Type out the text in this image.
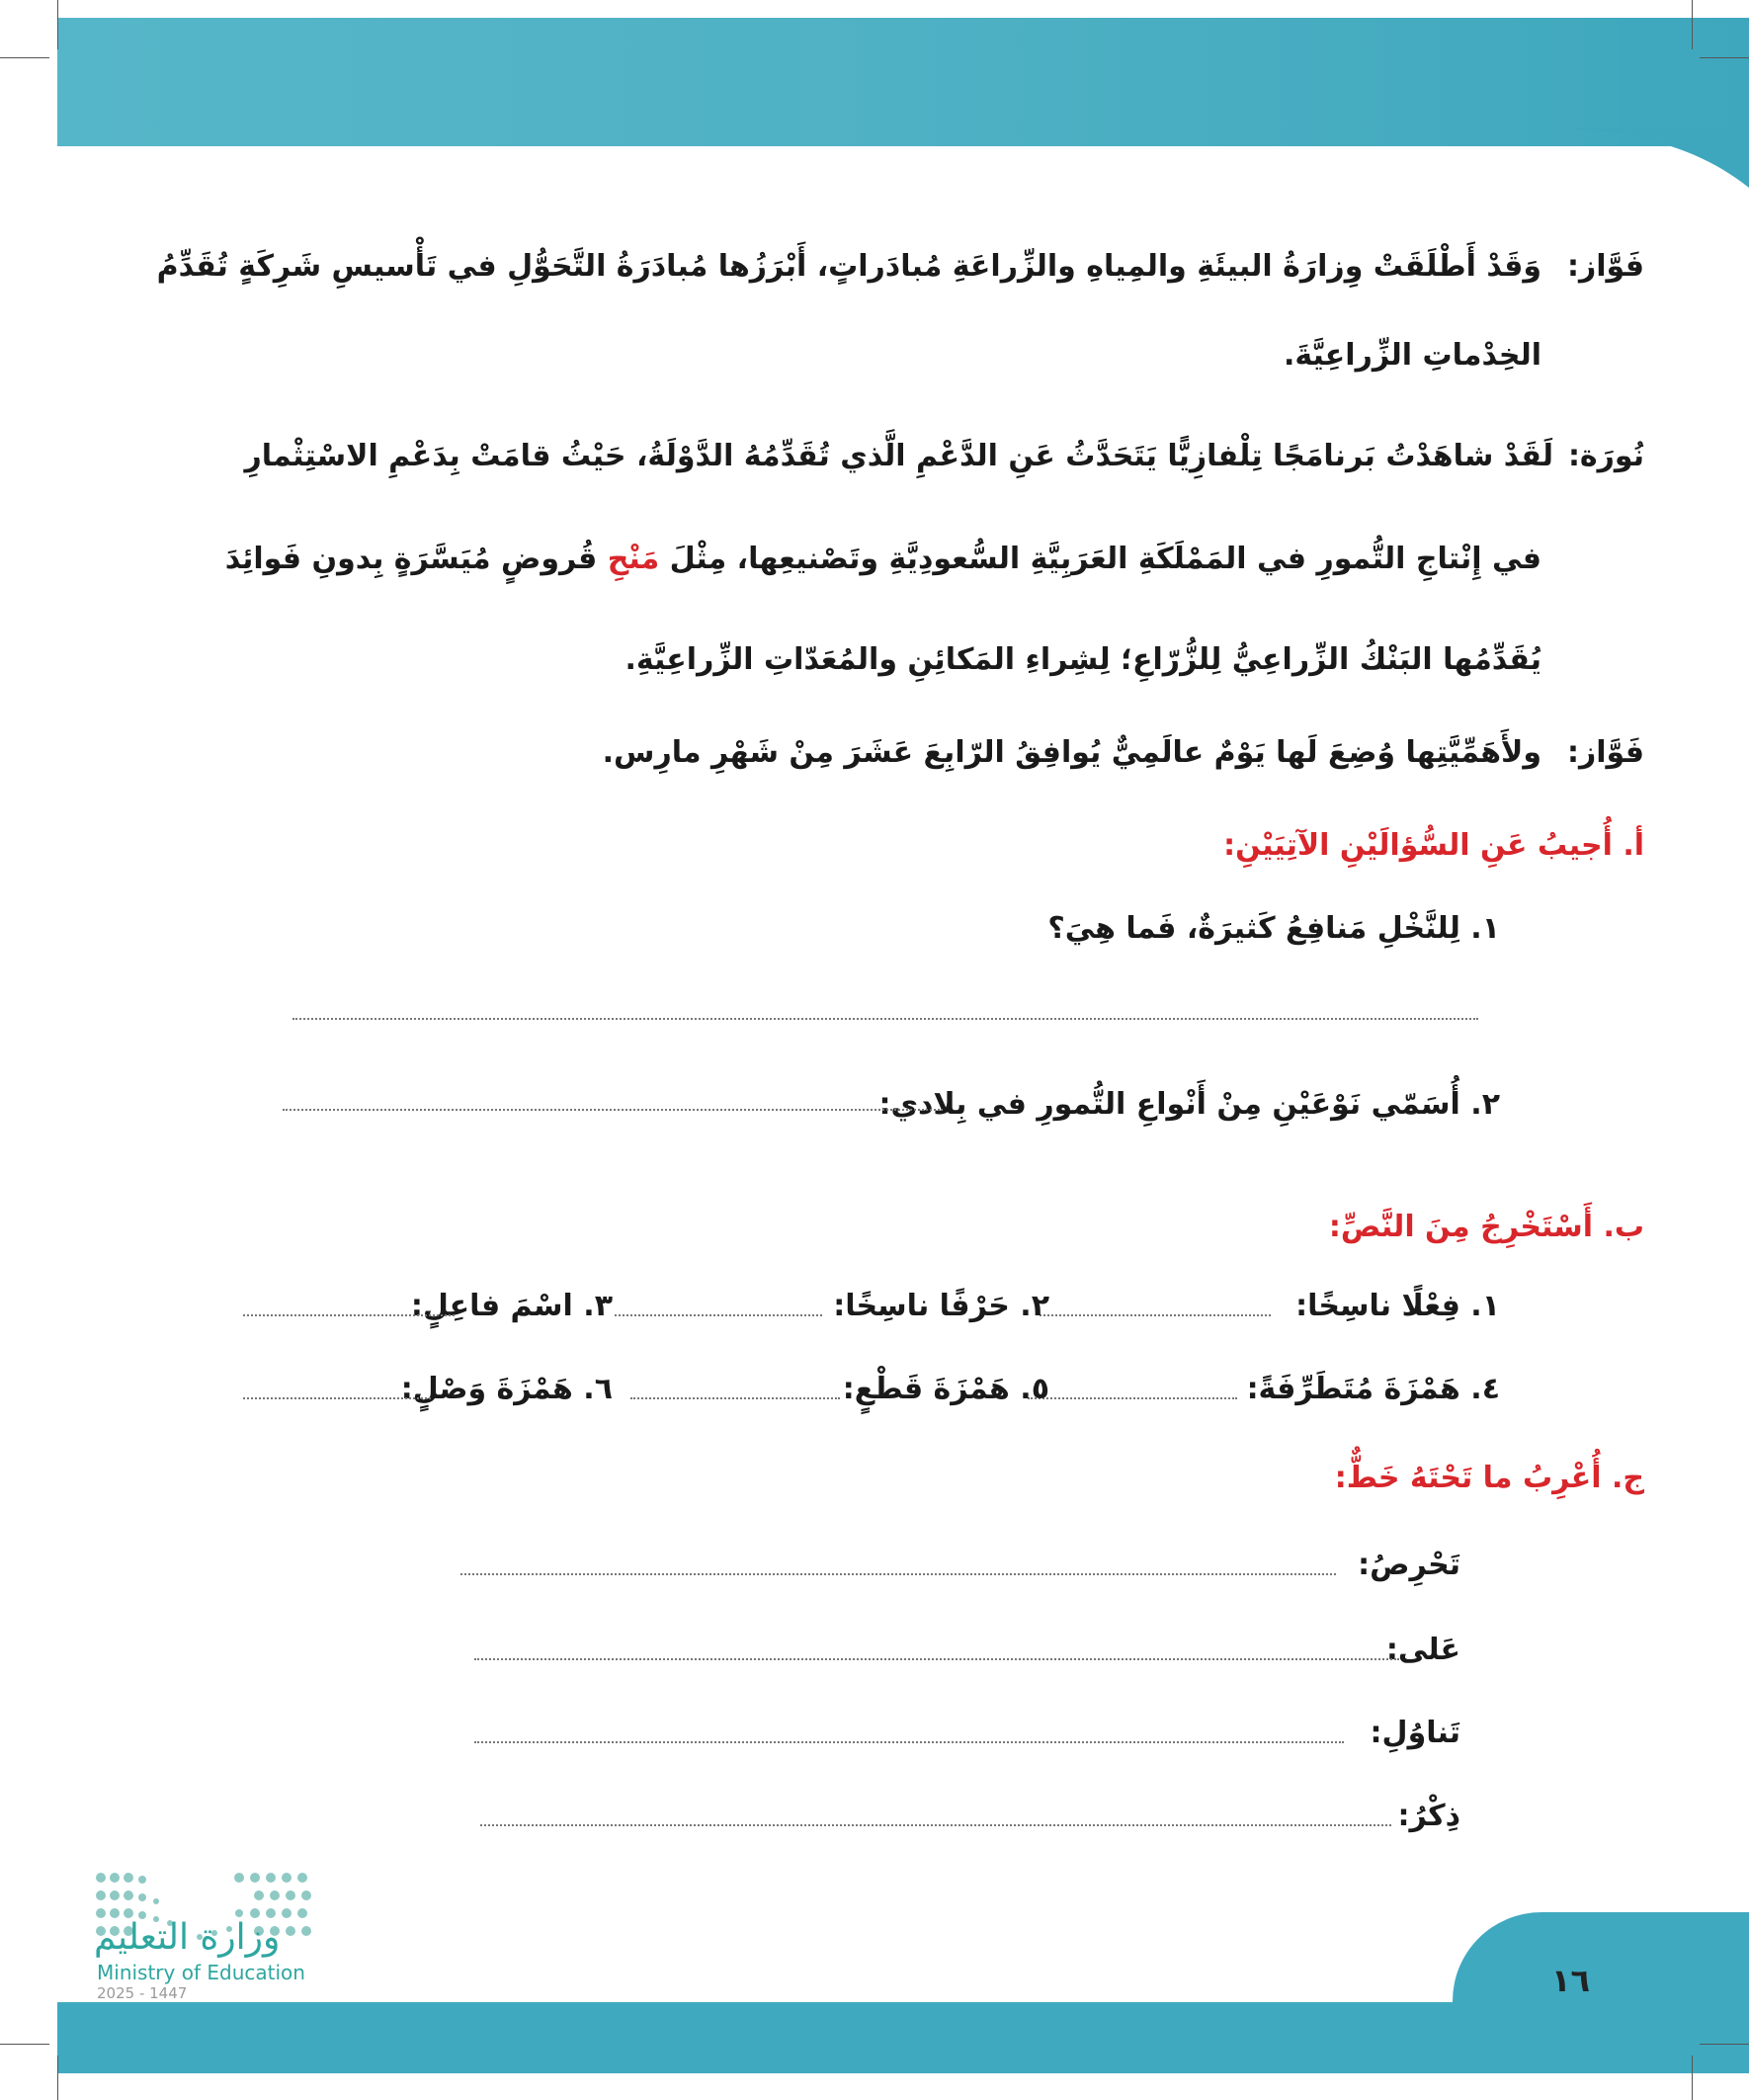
١٦
فَوَّاز:
وَقَدْ أَطْلَقَتْ وِزارَةُ البيئَةِ والمِياهِ والزِّراعَةِ مُبادَراتٍ، أَبْرَزُها مُبادَرَةُ التَّحَوُّلِ في تَأْسيسِ شَرِكَةٍ تُقَدِّمُ
الخِدْماتِ الزِّراعِيَّةَ.
نُورَة:
لَقَدْ شاهَدْتُ بَرنامَجًا تِلْفازِيًّا يَتَحَدَّثُ عَنِ الدَّعْمِ الَّذي تُقَدِّمُهُ الدَّوْلَةُ، حَيْثُ قامَتْ بِدَعْمِ الاسْتِثْمارِ
في إِنْتاجِ التُّمورِ في المَمْلَكَةِ العَرَبِيَّةِ السُّعودِيَّةِ وتَصْنيعِها، مِثْلَ مَنْحِ قُروضٍ مُيَسَّرَةٍ بِدونِ فَوائِدَ
يُقَدِّمُها البَنْكُ الزِّراعِيُّ لِلزُّرّاعِ؛ لِشِراءِ المَكائِنِ والمُعَدّاتِ الزِّراعِيَّةِ.
فَوَّاز:
ولأَهَمِّيَّتِها وُضِعَ لَها يَوْمٌ عالَمِيٌّ يُوافِقُ الرّابِعَ عَشَرَ مِنْ شَهْرِ مارِس.
أ. أُجيبُ عَنِ السُّؤالَيْنِ الآتِيَيْنِ:
١. لِلنَّخْلِ مَنافِعُ كَثيرَةٌ، فَما هِيَ؟
٢. أُسَمّي نَوْعَيْنِ مِنْ أَنْواعِ التُّمورِ في بِلادي:
ب. أَسْتَخْرِجُ مِنَ النَّصِّ:
١. فِعْلًا ناسِخًا:
٢. حَرْفًا ناسِخًا:
٣. اسْمَ فاعِلٍ:
٤. هَمْزَةَ مُتَطَرِّفَةً:
٥. هَمْزَةَ قَطْعٍ:
٦. هَمْزَةَ وَصْلٍ:
ج. أُعْرِبُ ما تَحْتَهُ خَطٌّ:
تَحْرِصُ:
عَلى:
تَناوُلِ:
ذِكْرُ:
وزارة التعليم
Ministry of Education
2025 - 1447
